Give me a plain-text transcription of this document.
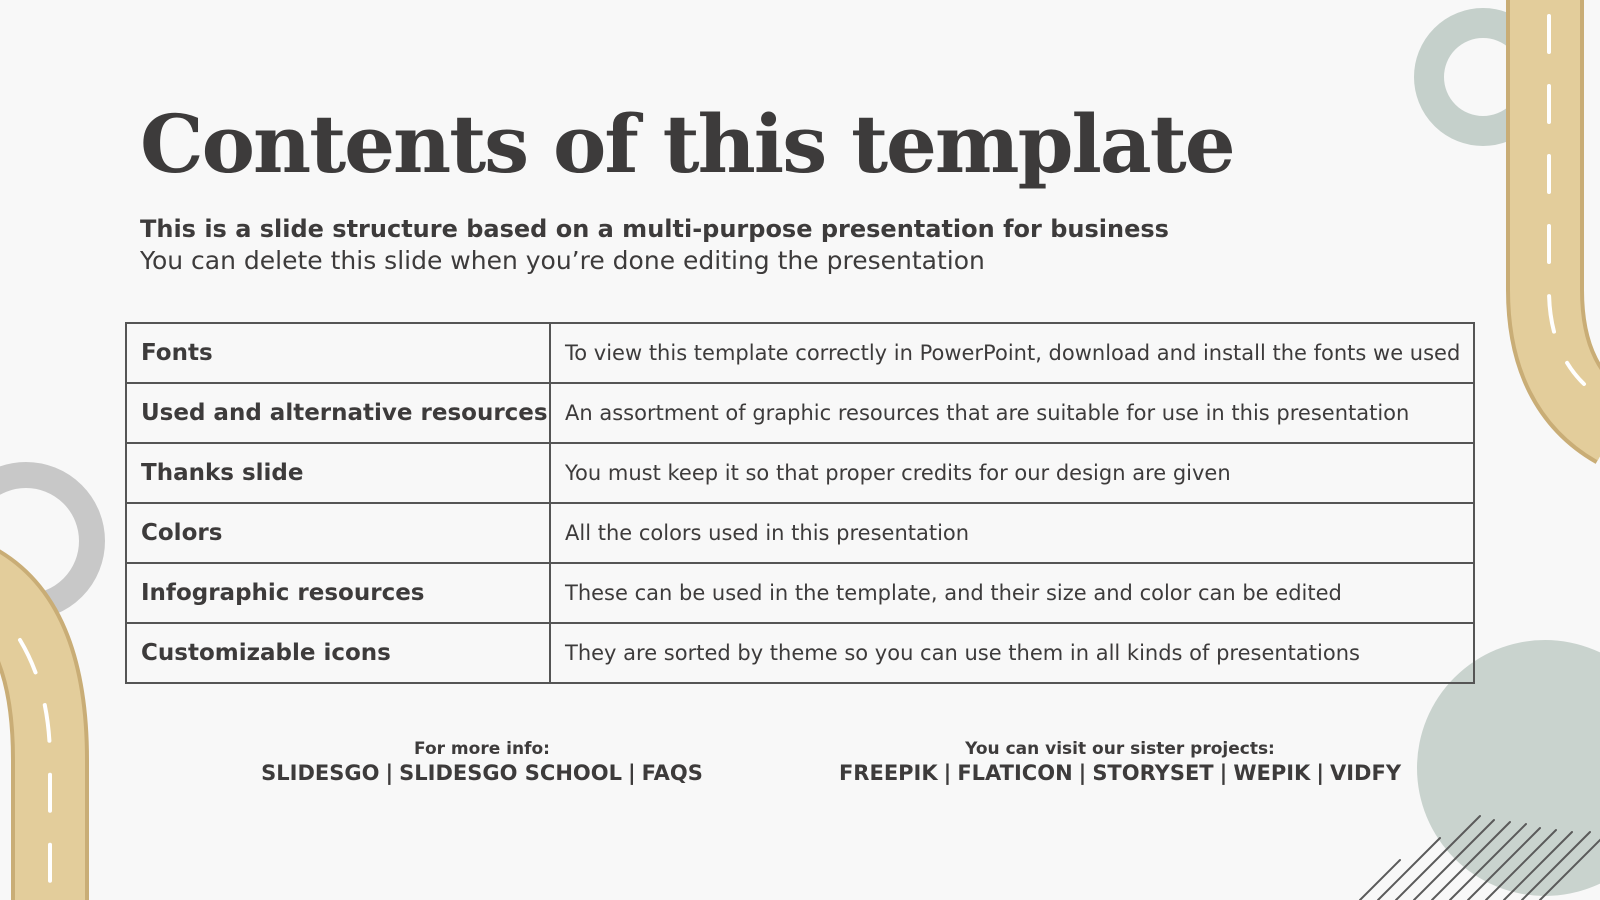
Contents of this template

This is a slide structure based on a multi-purpose presentation for business
You can delete this slide when you’re done editing the presentation

Fonts	To view this template correctly in PowerPoint, download and install the fonts we used
Used and alternative resources	An assortment of graphic resources that are suitable for use in this presentation
Thanks slide	You must keep it so that proper credits for our design are given
Colors	All the colors used in this presentation
Infographic resources	These can be used in the template, and their size and color can be edited
Customizable icons	They are sorted by theme so you can use them in all kinds of presentations
For more info:
SLIDESGO | SLIDESGO SCHOOL | FAQS
You can visit our sister projects:
FREEPIK | FLATICON | STORYSET | WEPIK | VIDFY
